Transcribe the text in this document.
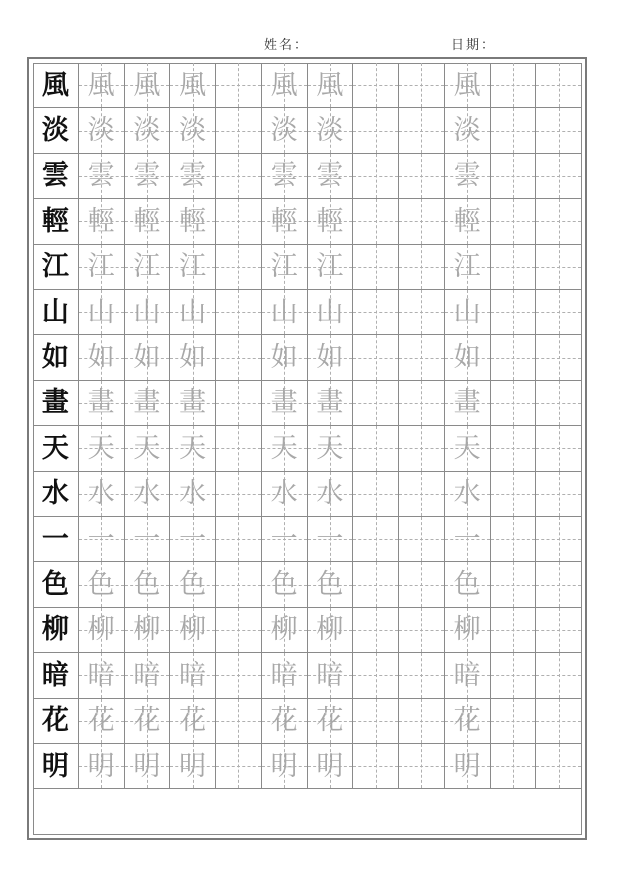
姓名：	日期：
風 風 風 風 風 風	風
淡 淡 淡 淡 淡 淡	淡
雲 雲 雲 雲 雲 雲	雲
輕 輕 輕 輕 輕 輕	輕
江 江 江 江 江 江	江
山 山 山 山 山 山	山
如 如 如 如 如 如	如
畫 畫 畫 畫 畫 畫	畫
天 天 天 天 天 天	天
水 水 水 水 水 水	水
一 一 一 一 一 一	一
色 色 色 色 色 色	色
柳 柳 柳 柳 柳 柳	柳
暗 暗 暗 暗 暗 暗	暗
花 花 花 花 花 花	花
明 明 明 明 明 明	明
